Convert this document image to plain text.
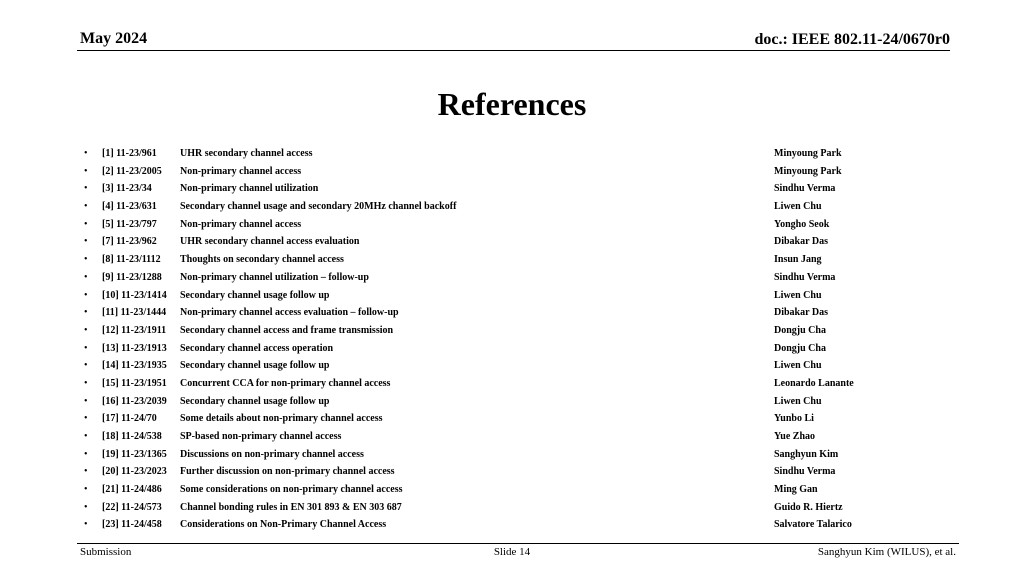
May 2024	doc.: IEEE 802.11-24/0670r0
References
• [1] 11-23/961 UHR secondary channel access	Minyoung Park
• [2] 11-23/2005 Non-primary channel access	Minyoung Park
• [3] 11-23/34	Non-primary channel utilization	Sindhu Verma
• [4] 11-23/631 Secondary channel usage and secondary 20MHz channel backoff	Liwen Chu
• [5] 11-23/797 Non-primary channel access	Yongho Seok
• [7] 11-23/962 UHR secondary channel access evaluation	Dibakar Das
• [8] 11-23/1112 Thoughts on secondary channel access	Insun Jang
• [9] 11-23/1288 Non-primary channel utilization – follow-up	Sindhu Verma
• [10] 11-23/1414 Secondary channel usage follow up	Liwen Chu
• [11] 11-23/1444 Non-primary channel access evaluation – follow-up	Dibakar Das
• [12] 11-23/1911 Secondary channel access and frame transmission	Dongju Cha
• [13] 11-23/1913 Secondary channel access operation	Dongju Cha
• [14] 11-23/1935 Secondary channel usage follow up	Liwen Chu
• [15] 11-23/1951 Concurrent CCA for non-primary channel access	Leonardo Lanante
• [16] 11-23/2039 Secondary channel usage follow up	Liwen Chu
• [17] 11-24/70 Some details about non-primary channel access	Yunbo Li
• [18] 11-24/538 SP-based non-primary channel access	Yue Zhao
• [19] 11-23/1365 Discussions on non-primary channel access	Sanghyun Kim
• [20] 11-23/2023 Further discussion on non-primary channel access	Sindhu Verma
• [21] 11-24/486 Some considerations on non-primary channel access	Ming Gan
• [22] 11-24/573 Channel bonding rules in EN 301 893 & EN 303 687	Guido R. Hiertz
• [23] 11-24/458 Considerations on Non-Primary Channel Access	Salvatore Talarico
Submission	Slide 14	Sanghyun Kim (WILUS), et al.
